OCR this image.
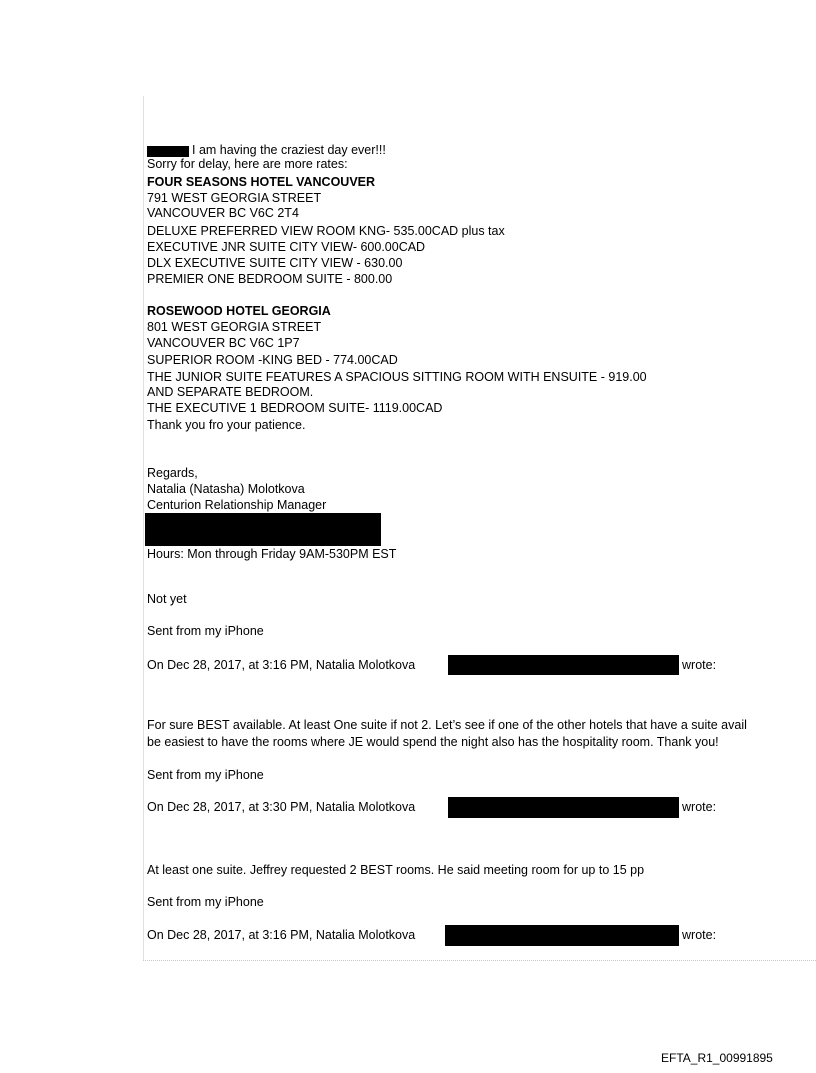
I am having the craziest day ever!!!
Sorry for delay, here are more rates:
FOUR SEASONS HOTEL VANCOUVER
791 WEST GEORGIA STREET
VANCOUVER BC V6C 2T4
DELUXE PREFERRED VIEW ROOM KNG- 535.00CAD plus tax
EXECUTIVE JNR SUITE CITY VIEW- 600.00CAD
DLX EXECUTIVE SUITE CITY VIEW - 630.00
PREMIER ONE BEDROOM SUITE - 800.00
ROSEWOOD HOTEL GEORGIA
801 WEST GEORGIA STREET
VANCOUVER BC V6C 1P7
SUPERIOR ROOM -KING BED - 774.00CAD
THE JUNIOR SUITE FEATURES A SPACIOUS SITTING ROOM WITH ENSUITE - 919.00
AND SEPARATE BEDROOM.
THE EXECUTIVE 1 BEDROOM SUITE- 1119.00CAD
Thank you fro your patience.
Regards,
Natalia (Natasha) Molotkova
Centurion Relationship Manager
Hours: Mon through Friday 9AM-530PM EST
Not yet
Sent from my iPhone
On Dec 28, 2017, at 3:16 PM, Natalia Molotkova	wrote:
For sure BEST available. At least One suite if not 2. Let’s see if one of the other hotels that have a suite avail
be easiest to have the rooms where JE would spend the night also has the hospitality room. Thank you!
Sent from my iPhone
On Dec 28, 2017, at 3:30 PM, Natalia Molotkova	wrote:
At least one suite. Jeffrey requested 2 BEST rooms. He said meeting room for up to 15 pp
Sent from my iPhone
On Dec 28, 2017, at 3:16 PM, Natalia Molotkova	wrote:
EFTA_R1_00991895
